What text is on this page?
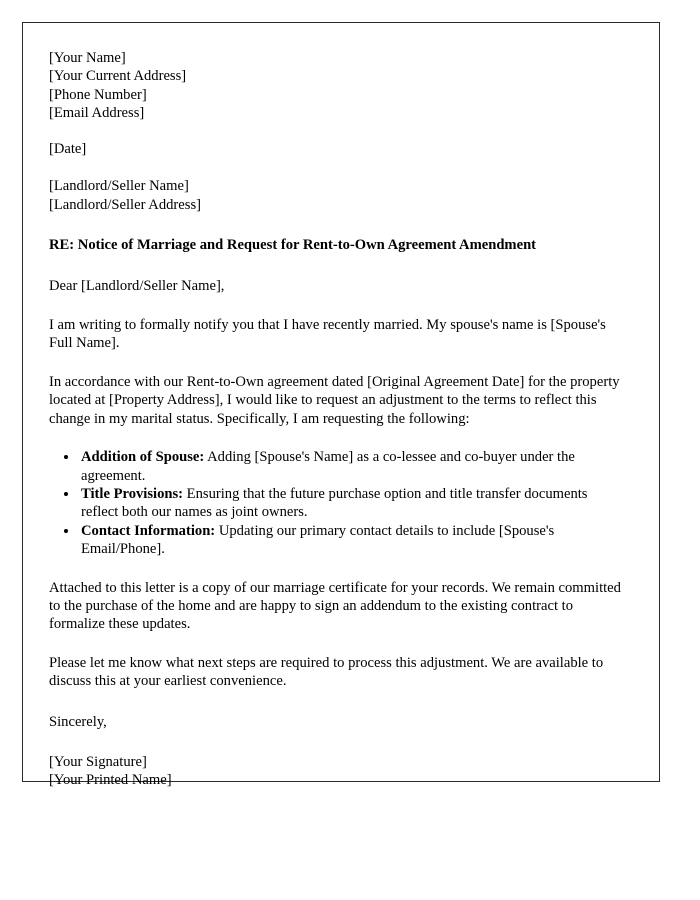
[Your Name]
[Your Current Address]
[Phone Number]
[Email Address]
[Date]
[Landlord/Seller Name]
[Landlord/Seller Address]
RE: Notice of Marriage and Request for Rent-to-Own Agreement Amendment
Dear [Landlord/Seller Name],

I am writing to formally notify you that I have recently married. My spouse's name is [Spouse's Full Name].

In accordance with our Rent-to-Own agreement dated [Original Agreement Date] for the property located at [Property Address], I would like to request an adjustment to the terms to reflect this change in my marital status. Specifically, I am requesting the following:

• Addition of Spouse: Adding [Spouse's Name] as a co-lessee and co-buyer under the agreement.
• Title Provisions: Ensuring that the future purchase option and title transfer documents reflect both our names as joint owners.
• Contact Information: Updating our primary contact details to include [Spouse's Email/Phone].

Attached to this letter is a copy of our marriage certificate for your records. We remain committed to the purchase of the home and are happy to sign an addendum to the existing contract to formalize these updates.

Please let me know what next steps are required to process this adjustment. We are available to discuss this at your earliest convenience.

Sincerely,
[Your Signature]
[Your Printed Name]
